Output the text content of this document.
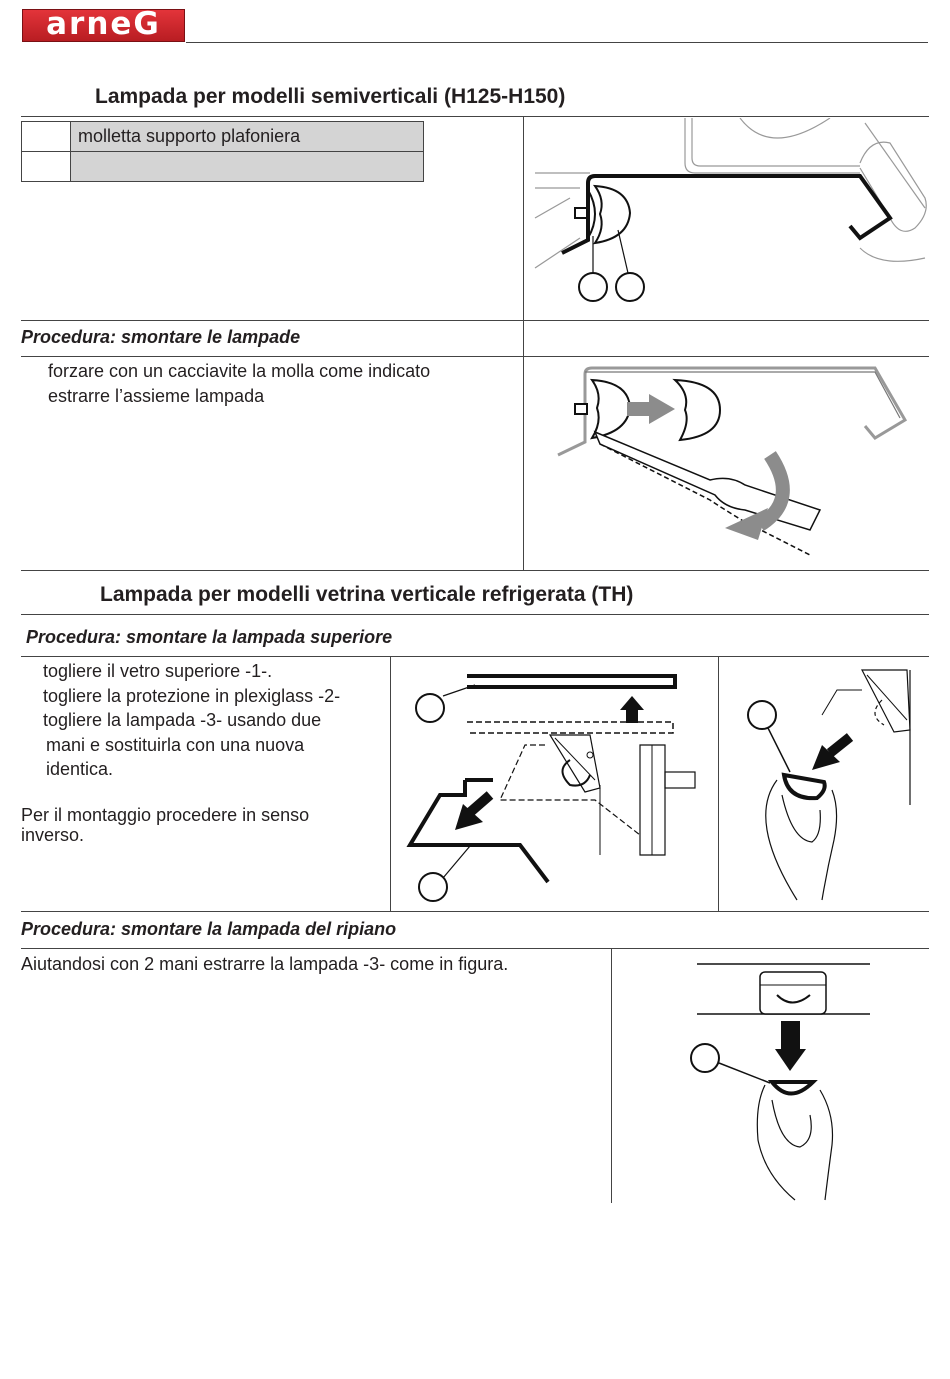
arneG
Lampada per modelli semiverticali (H125-H150)
	molletta supporto plafoniera

Procedura: smontare le lampade
forzare con un cacciavite la molla come indicato
estrarre l’assieme lampada
Lampada per modelli vetrina verticale refrigerata (TH)
Procedura: smontare la lampada superiore
togliere il vetro superiore -1-.
togliere la protezione in plexiglass -2-
togliere la lampada -3- usando due
mani e sostituirla con una nuova
identica.
Per il montaggio procedere in senso
inverso.
Procedura: smontare la lampada del ripiano
Aiutandosi con 2 mani estrarre la lampada -3- come in figura.
